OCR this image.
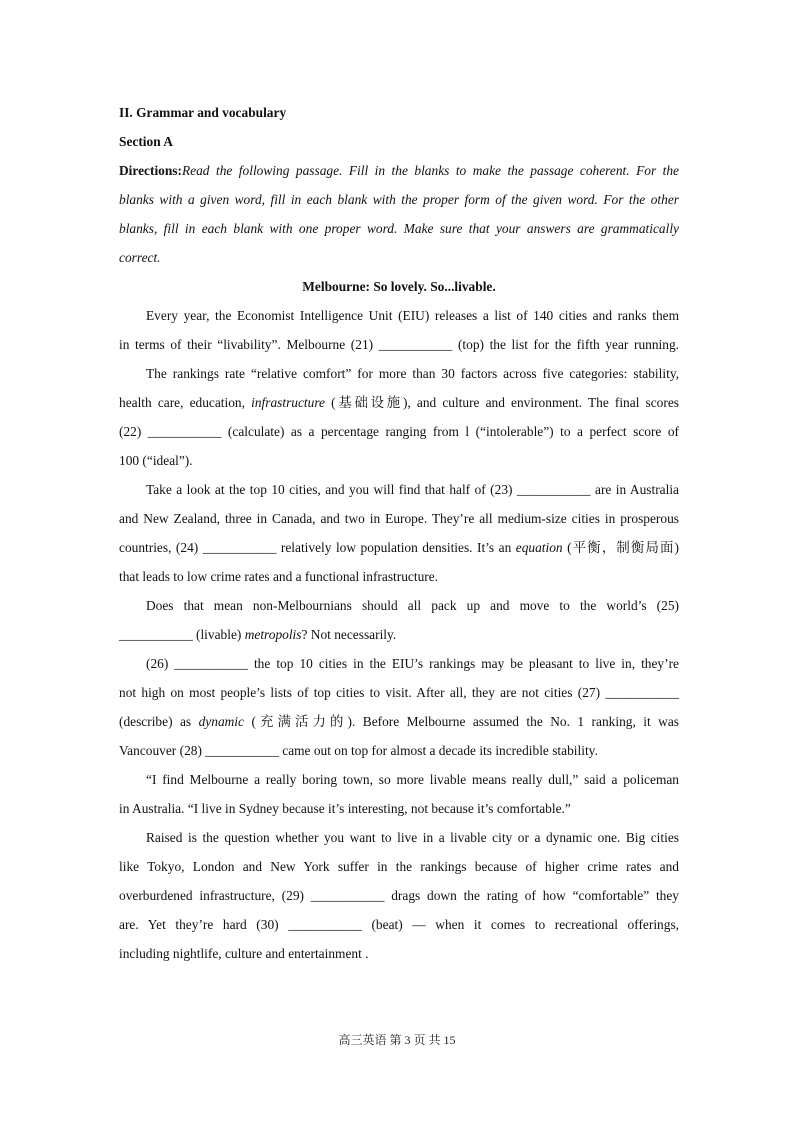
II. Grammar and vocabulary
Section A
Directions:Read the following passage. Fill in the blanks to make the passage coherent. For the
blanks with a given word, fill in each blank with the proper form of the given word. For the other
blanks, fill in each blank with one proper word. Make sure that your answers are grammatically
correct.
Melbourne: So lovely. So...livable.
Every year, the Economist Intelligence Unit (EIU) releases a list of 140 cities and ranks them
in terms of their “livability”. Melbourne (21) ___________ (top) the list for the fifth year running.
The rankings rate “relative comfort” for more than 30 factors across five categories: stability,
health care, education, infrastructure (基础设施), and culture and environment. The final scores
(22) ___________ (calculate) as a percentage ranging from l (“intolerable”) to a perfect score of
100 (“ideal”).
Take a look at the top 10 cities, and you will find that half of (23) ___________ are in Australia
and New Zealand, three in Canada, and two in Europe. They’re all medium-size cities in prosperous
countries, (24) ___________ relatively low population densities. It’s an equation (平衡，制衡局面)
that leads to low crime rates and a functional infrastructure.
Does that mean non-Melbournians should all pack up and move to the world’s (25)
___________ (livable) metropolis? Not necessarily.
(26) ___________ the top 10 cities in the EIU’s rankings may be pleasant to live in, they’re
not high on most people’s lists of top cities to visit. After all, they are not cities (27) ___________
(describe) as dynamic (充满活力的). Before Melbourne assumed the No. 1 ranking, it was
Vancouver (28) ___________ came out on top for almost a decade its incredible stability.
“I find Melbourne a really boring town, so more livable means really dull,” said a policeman
in Australia. “I live in Sydney because it’s interesting, not because it’s comfortable.”
Raised is the question whether you want to live in a livable city or a dynamic one. Big cities
like Tokyo, London and New York suffer in the rankings because of higher crime rates and
overburdened infrastructure, (29) ___________ drags down the rating of how “comfortable” they
are. Yet they’re hard (30) ___________ (beat) — when it comes to recreational offerings,
including nightlife, culture and entertainment .
高三英语 第 3 页 共 15
